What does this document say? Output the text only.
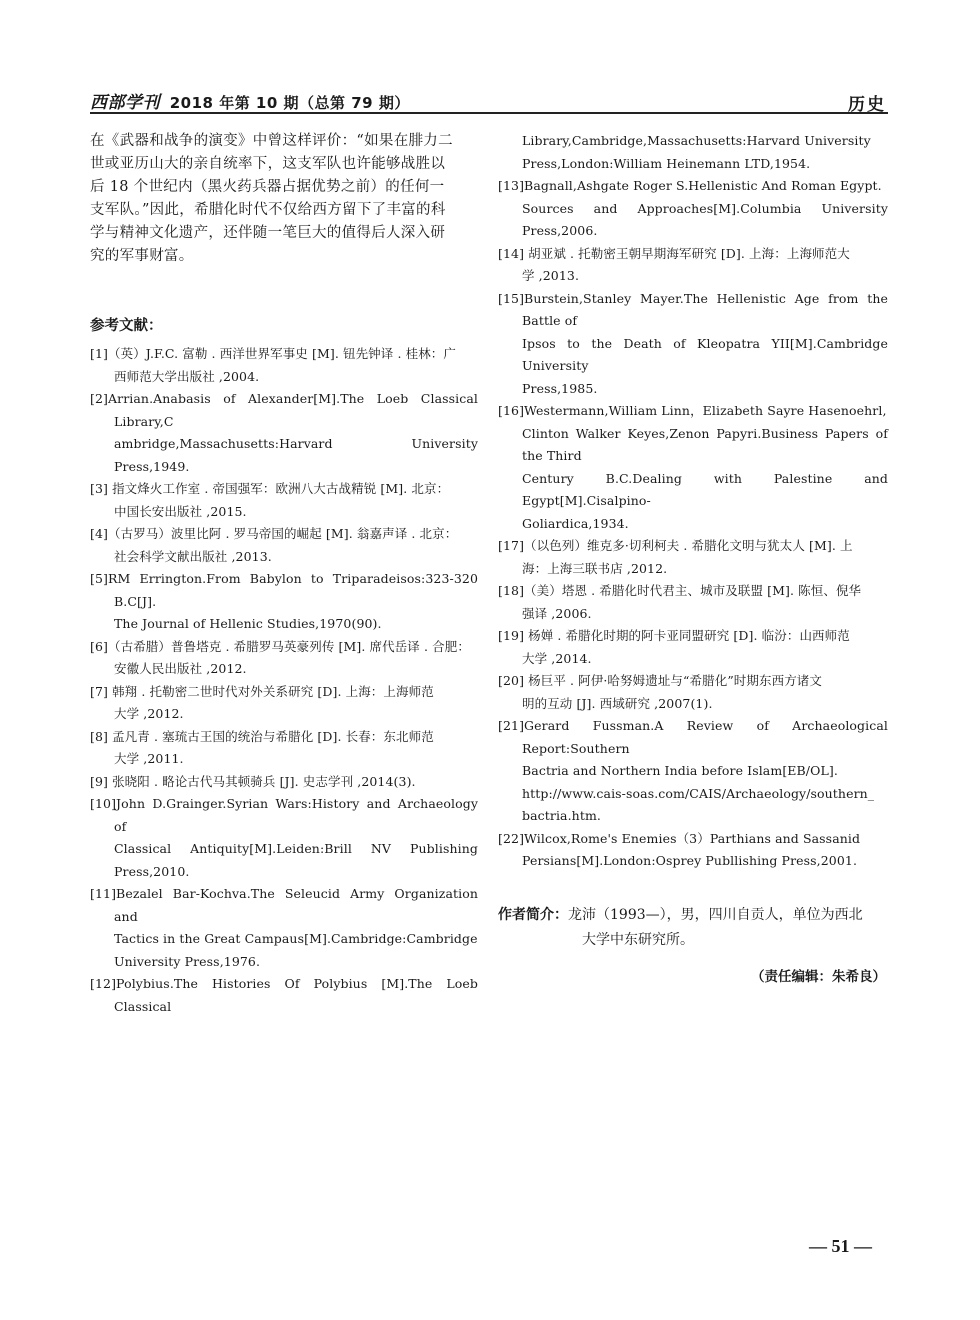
西部学刊 2018 年第 10 期（总第 79 期）	历史

在《武器和战争的演变》中曾这样评价：“如果在腓力二

世或亚历山大的亲自统率下，这支军队也许能够战胜以

后 18 个世纪内（黑火药兵器占据优势之前）的任何一

支军队。”因此，希腊化时代不仅给西方留下了丰富的科

学与精神文化遗产，还伴随一笔巨大的值得后人深入研

究的军事财富。

参考文献：

[1]（英）J.F.C. 富勒 . 西洋世界军事史 [M]. 钮先钟译 . 桂林：广

西师范大学出版社 ,2004.

[2]Arrian.Anabasis of Alexander[M].The Loeb Classical Library,C

ambridge,Massachusetts:Harvard University Press,1949.

[3] 指文烽火工作室 . 帝国强军：欧洲八大古战精锐 [M]. 北京：

中国长安出版社 ,2015.

[4]（古罗马）波里比阿 . 罗马帝国的崛起 [M]. 翁嘉声译 . 北京：

社会科学文献出版社 ,2013.

[5]RM Errington.From Babylon to Triparadeisos:323-320 B.C[J].

The Journal of Hellenic Studies,1970(90).

[6]（古希腊）普鲁塔克 . 希腊罗马英豪列传 [M]. 席代岳译 . 合肥：

安徽人民出版社 ,2012.

[7] 韩翔 . 托勒密二世时代对外关系研究 [D]. 上海：上海师范

大学 ,2012.

[8] 孟凡青 . 塞琉古王国的统治与希腊化 [D]. 长春：东北师范

大学 ,2011.

[9] 张晓阳 . 略论古代马其顿骑兵 [J]. 史志学刊 ,2014(3).

[10]John D.Grainger.Syrian Wars:History and Archaeology of

Classical Antiquity[M].Leiden:Brill NV Publishing Press,2010.

[11]Bezalel Bar-Kochva.The Seleucid Army Organization and

Tactics in the Great Campaus[M].Cambridge:Cambridge

University Press,1976.

[12]Polybius.The Histories Of Polybius [M].The Loeb Classical

Library,Cambridge,Massachusetts:Harvard University

Press,London:William Heinemann LTD,1954.

[13]Bagnall,Ashgate Roger S.Hellenistic And Roman Egypt.

Sources and Approaches[M].Columbia University Press,2006.

[14] 胡亚斌 . 托勒密王朝早期海军研究 [D]. 上海：上海师范大

学 ,2013.

[15]Burstein,Stanley Mayer.The Hellenistic Age from the Battle of

Ipsos to the Death of Kleopatra YII[M].Cambridge University

Press,1985.

[16]Westermann,William Linn，Elizabeth Sayre Hasenoehrl,

Clinton Walker Keyes,Zenon Papyri.Business Papers of the Third

Century B.C.Dealing with Palestine and Egypt[M].Cisalpino-

Goliardica,1934.

[17]（以色列）维克多·切利柯夫 . 希腊化文明与犹太人 [M]. 上

海：上海三联书店 ,2012.

[18]（美）塔恩 . 希腊化时代君主、城市及联盟 [M]. 陈恒、倪华

强译 ,2006.

[19] 杨婵 . 希腊化时期的阿卡亚同盟研究 [D]. 临汾：山西师范

大学 ,2014.

[20] 杨巨平 . 阿伊·哈努姆遗址与“希腊化”时期东西方诸文

明的互动 [J]. 西域研究 ,2007(1).

[21]Gerard Fussman.A Review of Archaeological Report:Southern

Bactria and Northern India before Islam[EB/OL].

http://www.cais-soas.com/CAIS/Archaeology/southern_

bactria.htm.

[22]Wilcox,Rome's Enemies（3）Parthians and Sassanid

Persians[M].London:Osprey Publlishing Press,2001.

作者简介：龙沛（1993—），男，四川自贡人，单位为西北
大学中东研究所。
（责任编辑：朱希良）
— 51 —
